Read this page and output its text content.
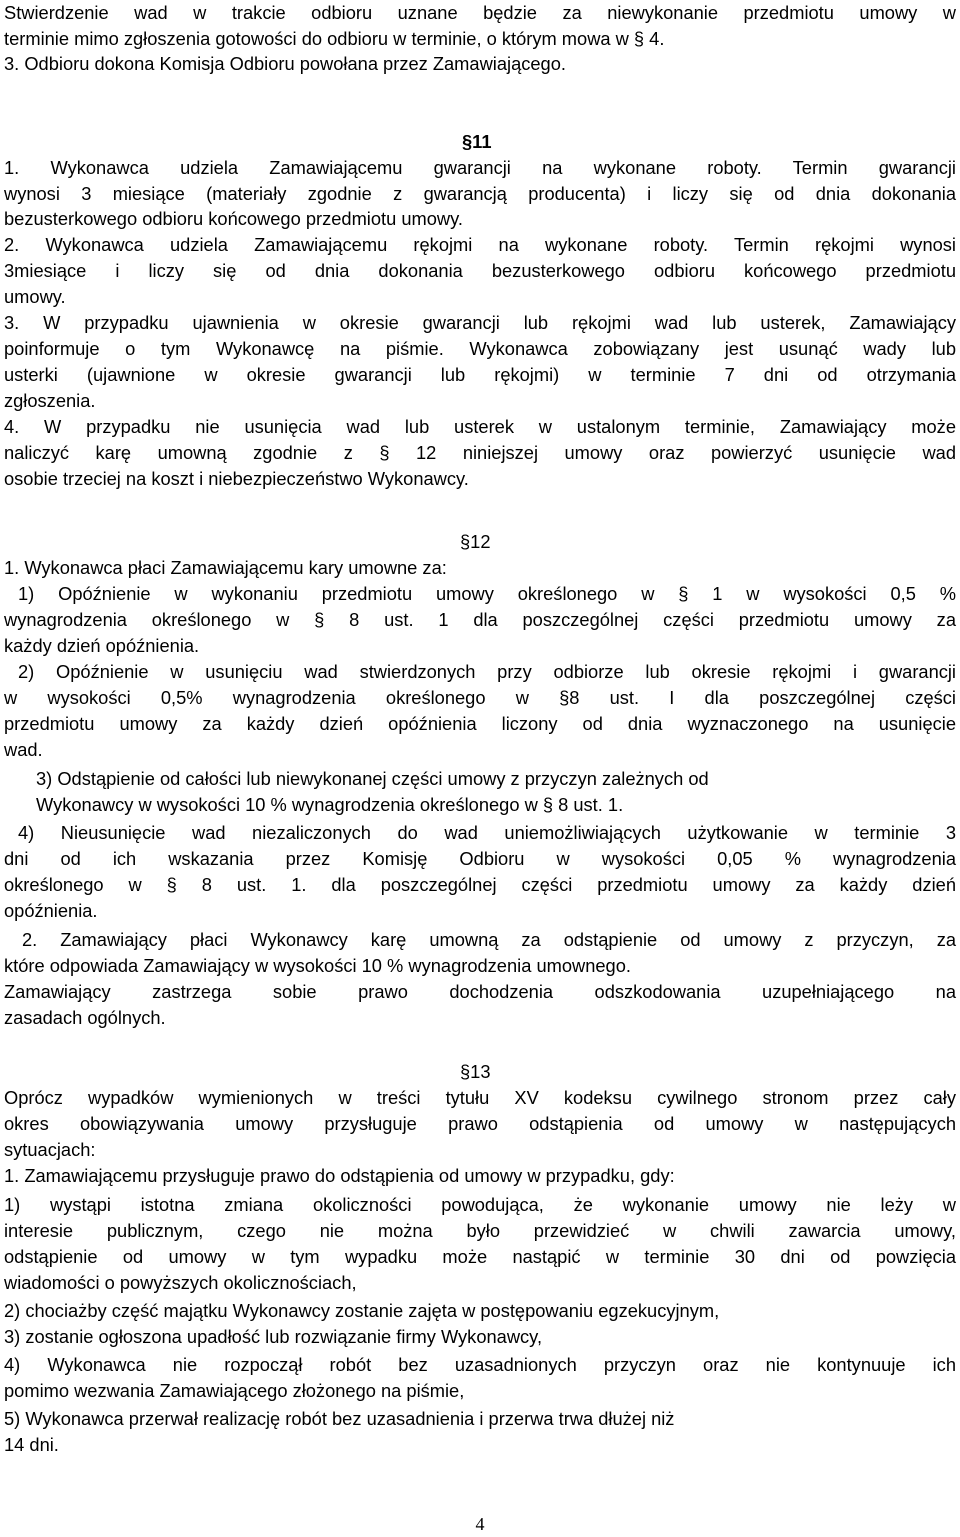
Stwierdzenie wad w trakcie odbioru uznane będzie za niewykonanie przedmiotu umowy w
terminie mimo zgłoszenia gotowości do odbioru w terminie, o którym mowa w § 4.
3. Odbioru dokona Komisja Odbioru powołana przez Zamawiającego.
§11
1. Wykonawca udziela Zamawiającemu gwarancji na wykonane roboty. Termin gwarancji
wynosi 3 miesiące (materiały zgodnie z gwarancją producenta) i liczy się od dnia dokonania
bezusterkowego odbioru końcowego przedmiotu umowy.
2. Wykonawca udziela Zamawiającemu rękojmi na wykonane roboty. Termin rękojmi wynosi
3miesiące i liczy się od dnia dokonania bezusterkowego odbioru końcowego przedmiotu
umowy.
3. W przypadku ujawnienia w okresie gwarancji lub rękojmi wad lub usterek, Zamawiający
poinformuje o tym Wykonawcę na piśmie. Wykonawca zobowiązany jest usunąć wady lub
usterki (ujawnione w okresie gwarancji lub rękojmi) w terminie 7 dni od otrzymania
zgłoszenia.
4. W przypadku nie usunięcia wad lub usterek w ustalonym terminie, Zamawiający może
naliczyć karę umowną zgodnie z § 12 niniejszej umowy oraz powierzyć usunięcie wad
osobie trzeciej na koszt i niebezpieczeństwo Wykonawcy.
§12
1. Wykonawca płaci Zamawiającemu kary umowne za:
1) Opóźnienie w wykonaniu przedmiotu umowy określonego w § 1 w wysokości 0,5 %
wynagrodzenia określonego w § 8 ust. 1 dla poszczególnej części przedmiotu umowy za
każdy dzień opóźnienia.
2) Opóźnienie w usunięciu wad stwierdzonych przy odbiorze lub okresie rękojmi i gwarancji
w wysokości 0,5% wynagrodzenia określonego w §8 ust. I dla poszczególnej części
przedmiotu umowy za każdy dzień opóźnienia liczony od dnia wyznaczonego na usunięcie
wad.
3) Odstąpienie od całości lub niewykonanej części umowy z przyczyn zależnych od
Wykonawcy w wysokości 10 % wynagrodzenia określonego w § 8 ust. 1.
4) Nieusunięcie wad niezaliczonych do wad uniemożliwiających użytkowanie w terminie 3
dni od ich wskazania przez Komisję Odbioru w wysokości 0,05 % wynagrodzenia
określonego w § 8 ust. 1. dla poszczególnej części przedmiotu umowy za każdy dzień
opóźnienia.
2. Zamawiający płaci Wykonawcy karę umowną za odstąpienie od umowy z przyczyn, za
które odpowiada Zamawiający w wysokości 10 % wynagrodzenia umownego.
Zamawiający zastrzega sobie prawo dochodzenia odszkodowania uzupełniającego na
zasadach ogólnych.
§13
Oprócz wypadków wymienionych w treści tytułu XV kodeksu cywilnego stronom przez cały
okres obowiązywania umowy przysługuje prawo odstąpienia od umowy w następujących
sytuacjach:
1. Zamawiającemu przysługuje prawo do odstąpienia od umowy w przypadku, gdy:
1) wystąpi istotna zmiana okoliczności powodująca, że wykonanie umowy nie leży w
interesie publicznym, czego nie można było przewidzieć w chwili zawarcia umowy,
odstąpienie od umowy w tym wypadku może nastąpić w terminie 30 dni od powzięcia
wiadomości o powyższych okolicznościach,
2) chociażby część majątku Wykonawcy zostanie zajęta w postępowaniu egzekucyjnym,
3) zostanie ogłoszona upadłość lub rozwiązanie firmy Wykonawcy,
4) Wykonawca nie rozpoczął robót bez uzasadnionych przyczyn oraz nie kontynuuje ich
pomimo wezwania Zamawiającego złożonego na piśmie,
5) Wykonawca przerwał realizację robót bez uzasadnienia i przerwa trwa dłużej niż
14 dni.
4
